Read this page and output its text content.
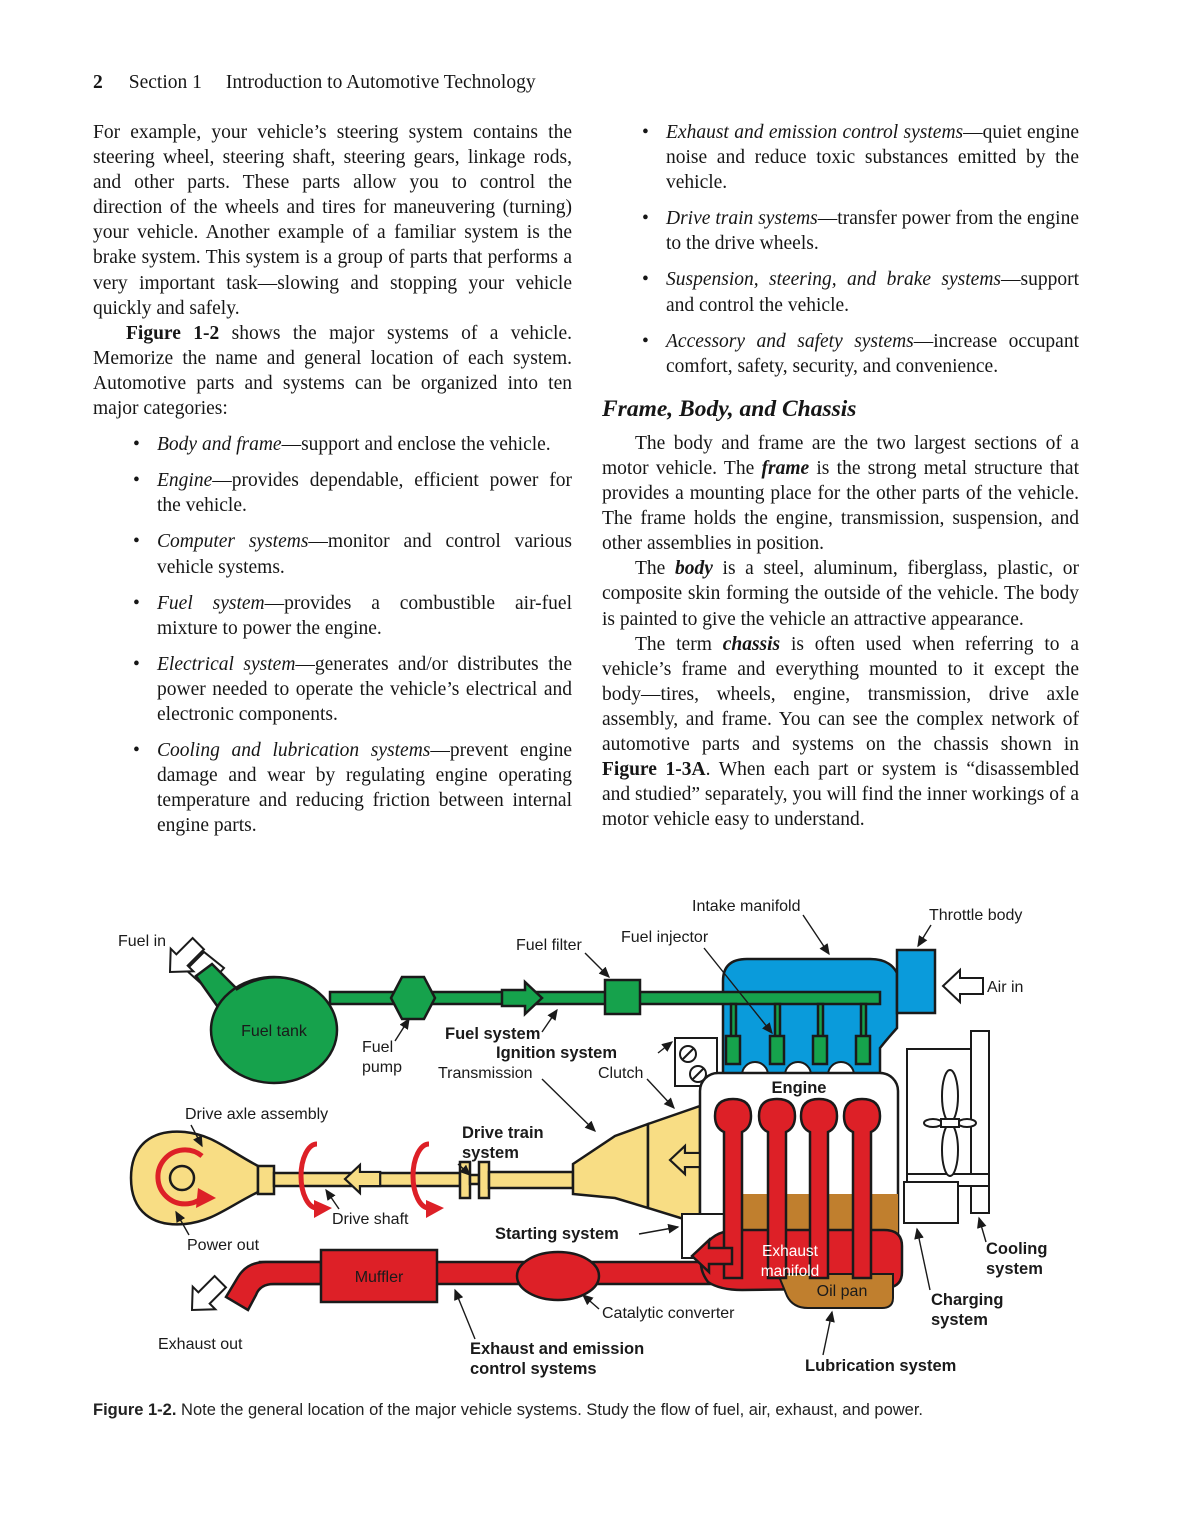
2 Section 1 Introduction to Automotive Technology

For example, your vehicle’s steering system contains the steering wheel, steering shaft, steering gears, linkage rods, and other parts. These parts allow you to control the direction of the wheels and tires for maneuvering (turning) your vehicle. Another example of a familiar system is the brake system. This system is a group of parts that performs a very important task—slowing and stopping your vehicle quickly and safely.

Figure 1-2 shows the major systems of a vehicle. Memorize the name and general location of each system. Automotive parts and systems can be organized into ten major categories:

• Body and frame—support and enclose the vehicle.
• Engine—provides dependable, efficient power for the vehicle.
• Computer systems—monitor and control various vehicle systems.
• Fuel system—provides a combustible air-fuel mixture to power the engine.
• Electrical system—generates and/or distributes the power needed to operate the vehicle’s electrical and electronic components.
• Cooling and lubrication systems—prevent engine damage and wear by regulating engine operating temperature and reducing friction between internal engine parts.
• Exhaust and emission control systems—quiet engine noise and reduce toxic substances emitted by the vehicle.
• Drive train systems—transfer power from the engine to the drive wheels.
• Suspension, steering, and brake systems—support and control the vehicle.
• Accessory and safety systems—increase occupant comfort, safety, security, and convenience.
Frame, Body, and Chassis

The body and frame are the two largest sections of a motor vehicle. The frame is the strong metal structure that provides a mounting place for the other parts of the vehicle. The frame holds the engine, transmission, suspension, and other assemblies in position.

The body is a steel, aluminum, fiberglass, plastic, or composite skin forming the outside of the vehicle. The body is painted to give the vehicle an attractive appearance.

The term chassis is often used when referring to a vehicle’s frame and everything mounted to it except the body—tires, wheels, engine, transmission, drive axle assembly, and frame. You can see the complex network of automotive parts and systems on the chassis shown in Figure 1-3A. When each part or system is “disassembled and studied” separately, you will find the inner workings of a motor vehicle easy to understand.

Fuel in
Fuel tank
Fuel
pump
Fuel system
Fuel filter Fuel injector
Intake manifold
Throttle body
Air in
Ignition system
Engine
Transmission	Clutch
Drive train
system
Drive axle assembly
Drive shaft
Power out
Starting system
Muffler
Exhaust out
Catalytic converter
Exhaust and emission
control systems
Exhaust
manifold
Oil pan
Lubrication system
Charging
system
Cooling
system
Figure 1-2. Note the general location of the major vehicle systems. Study the flow of fuel, air, exhaust, and power.
